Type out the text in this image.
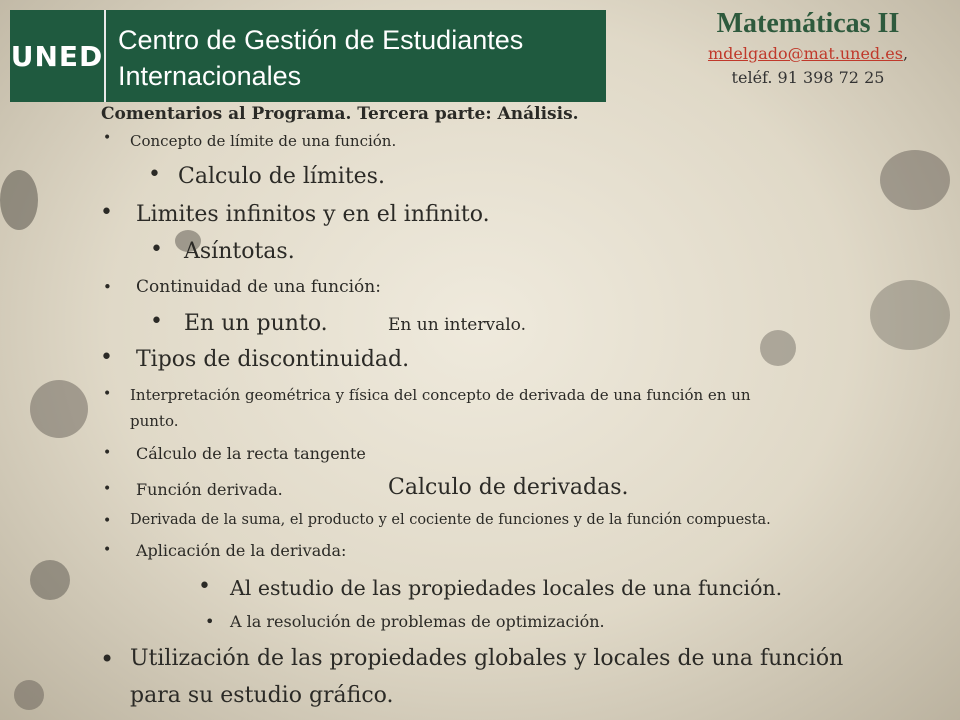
UNED Centro de Gestión de Estudiantes
Internacionales
Matemáticas II
mdelgado@mat.uned.es,
teléf. 91 398 72 25
Comentarios al Programa. Tercera parte: Análisis.
• Concepto de límite de una función.
• Calculo de límites.
• Limites infinitos y en el infinito.
• Asíntotas.
• Continuidad de una función:
• En un punto.	En un intervalo.
• Tipos de discontinuidad.
• Interpretación geométrica y física del concepto de derivada de una función en un
punto.
• Cálculo de la recta tangente
• Función derivada.	Calculo de derivadas.
• Derivada de la suma, el producto y el cociente de funciones y de la función compuesta.
• Aplicación de la derivada:
• Al estudio de las propiedades locales de una función.
• A la resolución de problemas de optimización.
• Utilización de las propiedades globales y locales de una función
para su estudio gráfico.
